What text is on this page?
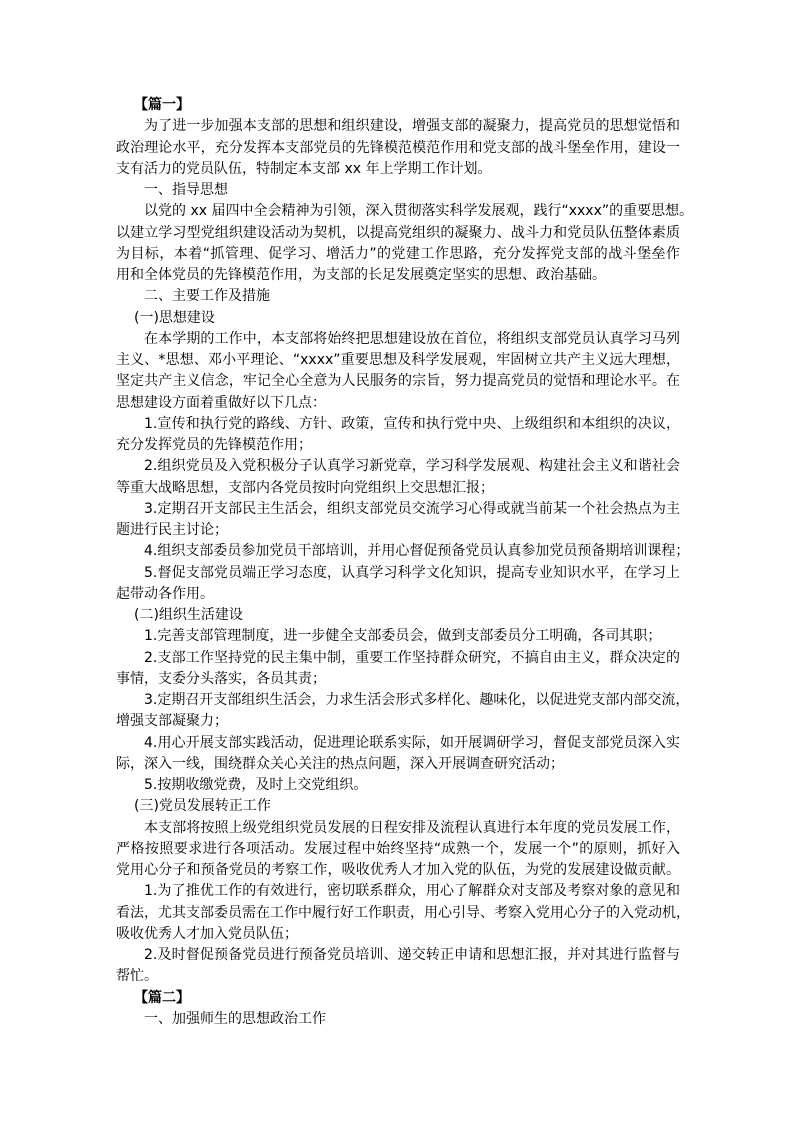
【篇一】
为了进一步加强本支部的思想和组织建设，增强支部的凝聚力，提高党员的思想觉悟和
政治理论水平，充分发挥本支部党员的先锋模范模范作用和党支部的战斗堡垒作用，建设一
支有活力的党员队伍，特制定本支部 xx 年上学期工作计划。
一、指导思想
以党的 xx 届四中全会精神为引领，深入贯彻落实科学发展观，践行“xxxx”的重要思想。
以建立学习型党组织建设活动为契机，以提高党组织的凝聚力、战斗力和党员队伍整体素质
为目标，本着“抓管理、促学习、增活力”的党建工作思路，充分发挥党支部的战斗堡垒作
用和全体党员的先锋模范作用，为支部的长足发展奠定坚实的思想、政治基础。
二、主要工作及措施
(一)思想建设
在本学期的工作中，本支部将始终把思想建设放在首位，将组织支部党员认真学习马列
主义、*思想、邓小平理论、“xxxx”重要思想及科学发展观，牢固树立共产主义远大理想，
坚定共产主义信念，牢记全心全意为人民服务的宗旨，努力提高党员的觉悟和理论水平。在
思想建设方面着重做好以下几点：
1.宣传和执行党的路线、方针、政策，宣传和执行党中央、上级组织和本组织的决议，
充分发挥党员的先锋模范作用；
2.组织党员及入党积极分子认真学习新党章，学习科学发展观、构建社会主义和谐社会
等重大战略思想，支部内各党员按时向党组织上交思想汇报；
3.定期召开支部民主生活会，组织支部党员交流学习心得或就当前某一个社会热点为主
题进行民主讨论；
4.组织支部委员参加党员干部培训，并用心督促预备党员认真参加党员预备期培训课程；
5.督促支部党员端正学习态度，认真学习科学文化知识，提高专业知识水平，在学习上
起带动各作用。
(二)组织生活建设
1.完善支部管理制度，进一步健全支部委员会，做到支部委员分工明确，各司其职；
2.支部工作坚持党的民主集中制，重要工作坚持群众研究，不搞自由主义，群众决定的
事情，支委分头落实，各员其责；
3.定期召开支部组织生活会，力求生活会形式多样化、趣味化，以促进党支部内部交流，
增强支部凝聚力；
4.用心开展支部实践活动，促进理论联系实际，如开展调研学习，督促支部党员深入实
际，深入一线，围绕群众关心关注的热点问题，深入开展调查研究活动；
5.按期收缴党费，及时上交党组织。
(三)党员发展转正工作
本支部将按照上级党组织党员发展的日程安排及流程认真进行本年度的党员发展工作，
严格按照要求进行各项活动。发展过程中始终坚持“成熟一个，发展一个”的原则，抓好入
党用心分子和预备党员的考察工作，吸收优秀人才加入党的队伍，为党的发展建设做贡献。
1.为了推优工作的有效进行，密切联系群众，用心了解群众对支部及考察对象的意见和
看法，尤其支部委员需在工作中履行好工作职责，用心引导、考察入党用心分子的入党动机，
吸收优秀人才加入党员队伍；
2.及时督促预备党员进行预备党员培训、递交转正申请和思想汇报，并对其进行监督与
帮忙。
【篇二】
一、加强师生的思想政治工作
